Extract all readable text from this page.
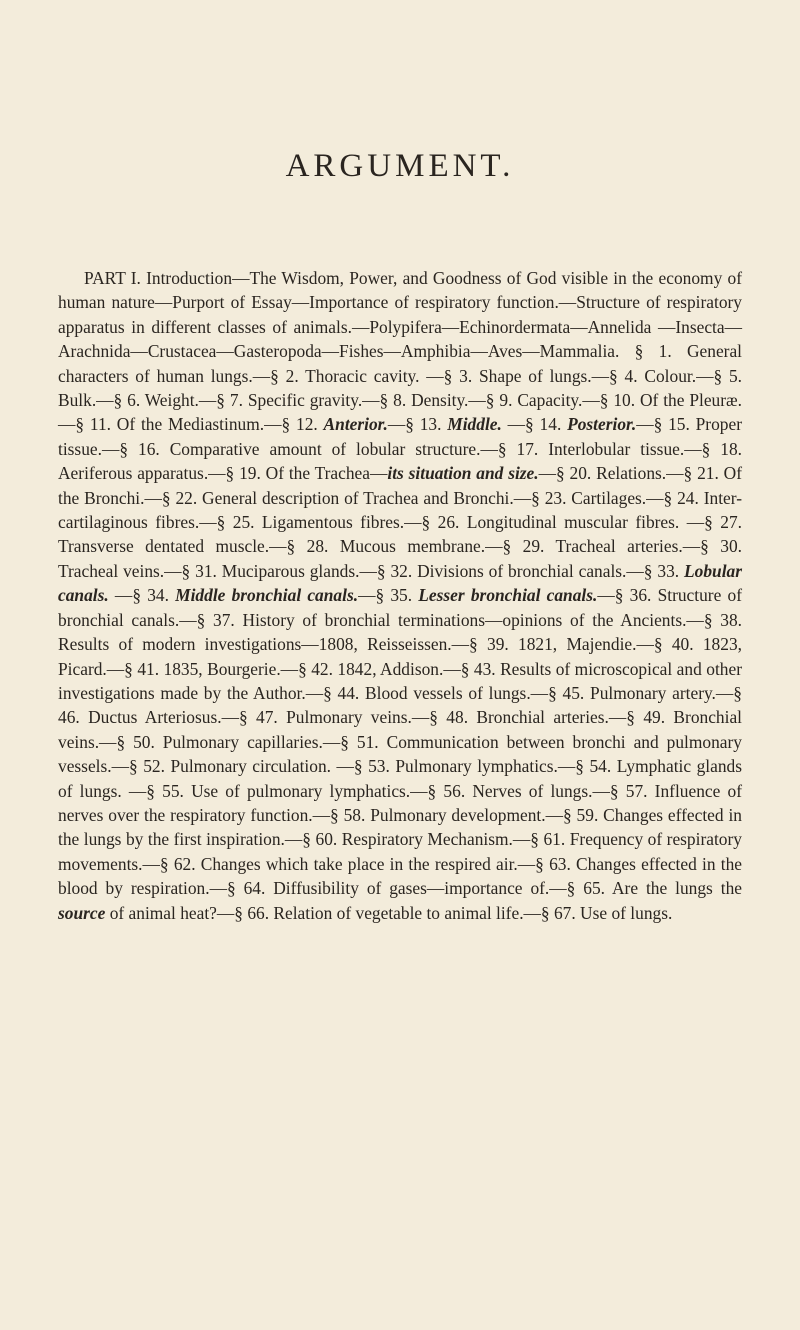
ARGUMENT.

PART I. Introduction—The Wisdom, Power, and Goodness of God visible in the economy of human nature—Purport of Essay—Importance of respiratory function.—Structure of respiratory apparatus in different classes of animals.—Polypifera—Echinordermata—Annelida —Insecta—Arachnida—Crustacea—Gasteropoda—Fishes—Amphibia—Aves—Mammalia. § 1. General characters of human lungs.—§ 2. Thoracic cavity. —§ 3. Shape of lungs.—§ 4. Colour.—§ 5. Bulk.—§ 6. Weight.—§ 7. Specific gravity.—§ 8. Density.—§ 9. Capacity.—§ 10. Of the Pleuræ.—§ 11. Of the Mediastinum.—§ 12. Anterior.—§ 13. Middle. —§ 14. Posterior.—§ 15. Proper tissue.—§ 16. Comparative amount of lobular structure.—§ 17. Interlobular tissue.—§ 18. Aeriferous apparatus.—§ 19. Of the Trachea—its situation and size.—§ 20. Relations.—§ 21. Of the Bronchi.—§ 22. General description of Trachea and Bronchi.—§ 23. Cartilages.—§ 24. Inter-cartilaginous fibres.—§ 25. Ligamentous fibres.—§ 26. Longitudinal muscular fibres. —§ 27. Transverse dentated muscle.—§ 28. Mucous membrane.—§ 29. Tracheal arteries.—§ 30. Tracheal veins.—§ 31. Muciparous glands.—§ 32. Divisions of bronchial canals.—§ 33. Lobular canals. —§ 34. Middle bronchial canals.—§ 35. Lesser bronchial canals.—§ 36. Structure of bronchial canals.—§ 37. History of bronchial terminations—opinions of the Ancients.—§ 38. Results of modern investigations—1808, Reisseissen.—§ 39. 1821, Majendie.—§ 40. 1823, Picard.—§ 41. 1835, Bourgerie.—§ 42. 1842, Addison.—§ 43. Results of microscopical and other investigations made by the Author.—§ 44. Blood vessels of lungs.—§ 45. Pulmonary artery.—§ 46. Ductus Arteriosus.—§ 47. Pulmonary veins.—§ 48. Bronchial arteries.—§ 49. Bronchial veins.—§ 50. Pulmonary capillaries.—§ 51. Communication between bronchi and pulmonary vessels.—§ 52. Pulmonary circulation. —§ 53. Pulmonary lymphatics.—§ 54. Lymphatic glands of lungs. —§ 55. Use of pulmonary lymphatics.—§ 56. Nerves of lungs.—§ 57. Influence of nerves over the respiratory function.—§ 58. Pulmonary development.—§ 59. Changes effected in the lungs by the first inspiration.—§ 60. Respiratory Mechanism.—§ 61. Frequency of respiratory movements.—§ 62. Changes which take place in the respired air.—§ 63. Changes effected in the blood by respiration.—§ 64. Diffusibility of gases—importance of.—§ 65. Are the lungs the source of animal heat?—§ 66. Relation of vegetable to animal life.—§ 67. Use of lungs.
